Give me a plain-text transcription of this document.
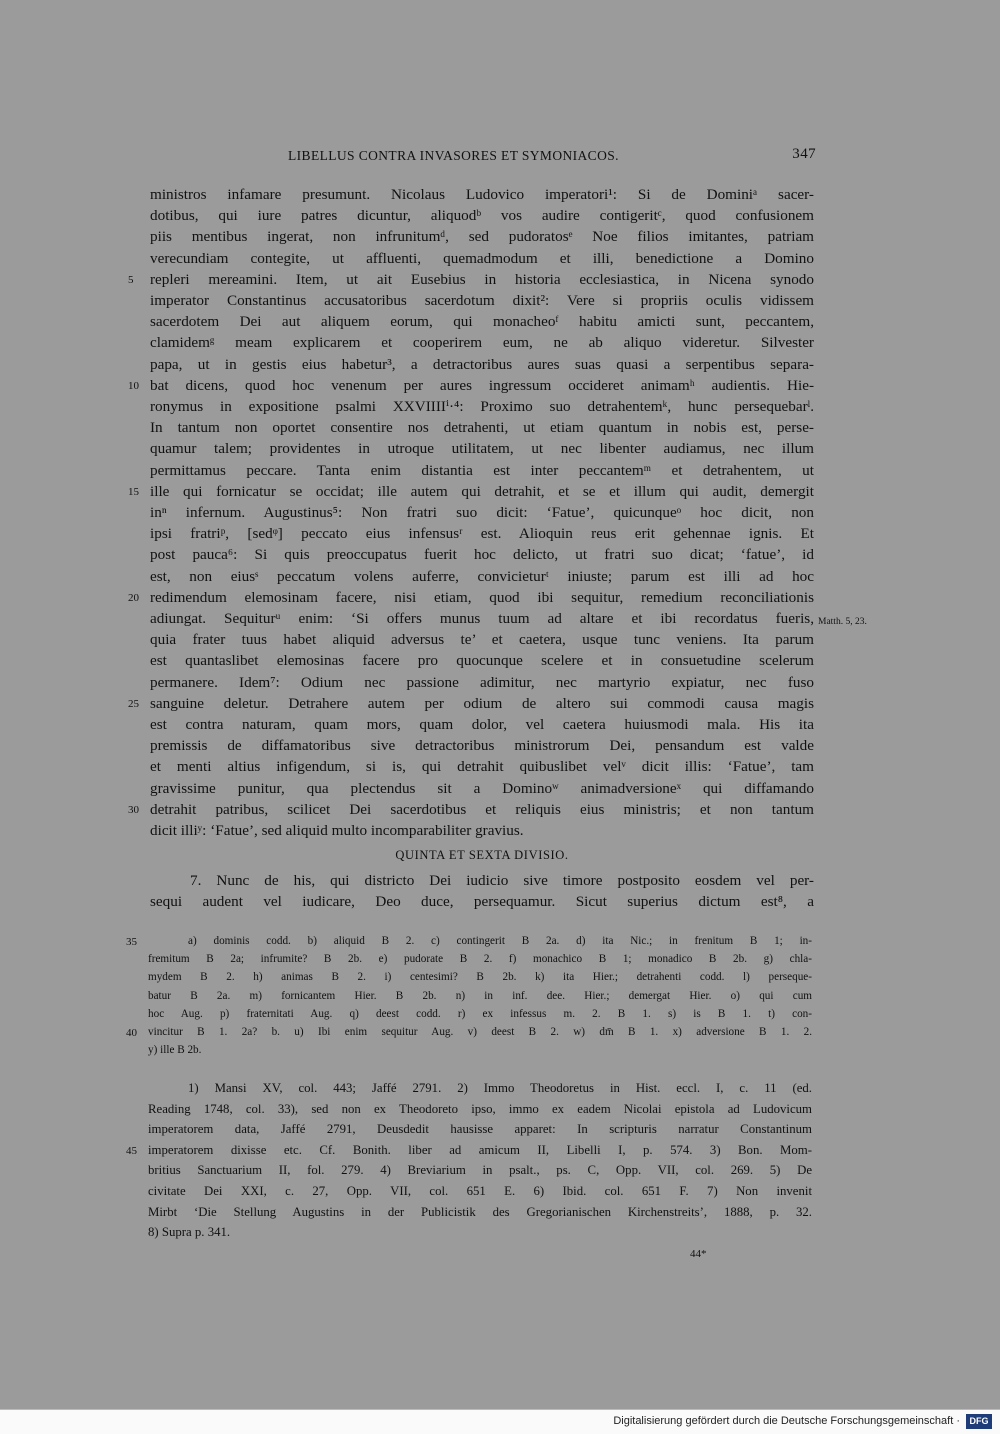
LIBELLUS CONTRA INVASORES ET SYMONIACOS.	347
ministros infamare presumunt. Nicolaus Ludovico imperatori¹: Si de Dominiᵃ sacer-
dotibus, qui iure patres dicuntur, aliquodᵇ vos audire contigeritᶜ, quod confusionem
piis mentibus ingerat, non infrunitumᵈ, sed pudoratosᵉ Noe filios imitantes, patriam
verecundiam contegite, ut affluenti, quemadmodum et illi, benedictione a Domino
5 repleri mereamini. Item, ut ait Eusebius in historia ecclesiastica, in Nicena synodo
imperator Constantinus accusatoribus sacerdotum dixit²: Vere si propriis oculis vidissem
sacerdotem Dei aut aliquem eorum, qui monacheoᶠ habitu amicti sunt, peccantem,
clamidemᵍ meam explicarem et cooperirem eum, ne ab aliquo videretur. Silvester
papa, ut in gestis eius habetur³, a detractoribus aures suas quasi a serpentibus separa-
10 bat dicens, quod hoc venenum per aures ingressum occideret animamʰ audientis. Hie-
ronymus in expositione psalmi XXVIIIIⁱ·⁴: Proximo suo detrahentemᵏ, hunc persequebarˡ.
In tantum non oportet consentire nos detrahenti, ut etiam quantum in nobis est, perse-
quamur talem; providentes in utroque utilitatem, ut nec libenter audiamus, nec illum
permittamus peccare. Tanta enim distantia est inter peccantemᵐ et detrahentem, ut
15 ille qui fornicatur se occidat; ille autem qui detrahit, et se et illum qui audit, demergit
inⁿ infernum. Augustinus⁵: Non fratri suo dicit: ‘Fatue’, quicunqueᵒ hoc dicit, non
ipsi fratriᵖ, [sedᵠ] peccato eius infensusʳ est. Alioquin reus erit gehennae ignis. Et
post pauca⁶: Si quis preoccupatus fuerit hoc delicto, ut fratri suo dicat; ‘fatue’, id
est, non eiusˢ peccatum volens auferre, convicieturᵗ iniuste; parum est illi ad hoc
20 redimendum elemosinam facere, nisi etiam, quod ibi sequitur, remedium reconciliationis
adiungat. Sequiturᵘ enim: ‘Si offers munus tuum ad altare et ibi recordatus fueris, Matth. 5, 23.
quia frater tuus habet aliquid adversus te’ et caetera, usque tunc veniens. Ita parum
est quantaslibet elemosinas facere pro quocunque scelere et in consuetudine scelerum
permanere. Idem⁷: Odium nec passione adimitur, nec martyrio expiatur, nec fuso
25 sanguine deletur. Detrahere autem per odium de altero sui commodi causa magis
est contra naturam, quam mors, quam dolor, vel caetera huiusmodi mala. His ita
premissis de diffamatoribus sive detractoribus ministrorum Dei, pensandum est valde
et menti altius infigendum, si is, qui detrahit quibuslibet velᵛ dicit illis: ‘Fatue’, tam
gravissime punitur, qua plectendus sit a Dominoʷ animadversioneˣ qui diffamando
30 detrahit patribus, scilicet Dei sacerdotibus et reliquis eius ministris; et non tantum
dicit illiʸ: ‘Fatue’, sed aliquid multo incomparabiliter gravius.
QUINTA ET SEXTA DIVISIO.
7. Nunc de his, qui districto Dei iudicio sive timore postposito eosdem vel per-
sequi audent vel iudicare, Deo duce, persequamur. Sicut superius dictum est⁸, a
35	a) dominis codd. b) aliquid B 2. c) contingerit B 2a. d) ita Nic.; in frenitum B 1; in-
fremitum B 2a; infrumite? B 2b. e) pudorate B 2. f) monachico B 1; monadico B 2b. g) chla-
mydem B 2. h) animas B 2. i) centesimi? B 2b. k) ita Hier.; detrahenti codd. l) perseque-
batur B 2a. m) fornicantem Hier. B 2b. n) in inf. dee. Hier.; demergat Hier. o) qui cum
hoc Aug. p) fraternitati Aug. q) deest codd. r) ex infessus m. 2. B 1. s) is B 1. t) con-
40 vincitur B 1. 2a? b. u) Ibi enim sequitur Aug. v) deest B 2. w) dm̄ B 1. x) adversione B 1. 2.
y) ille B 2b.
1) Mansi XV, col. 443; Jaffé 2791. 2) Immo Theodoretus in Hist. eccl. I, c. 11 (ed.
Reading 1748, col. 33), sed non ex Theodoreto ipso, immo ex eadem Nicolai epistola ad Ludovicum
imperatorem data, Jaffé 2791, Deusdedit hausisse apparet: In scripturis narratur Constantinum
45 imperatorem dixisse etc. Cf. Bonith. liber ad amicum II, Libelli I, p. 574. 3) Bon. Mom-
britius Sanctuarium II, fol. 279. 4) Breviarium in psalt., ps. C, Opp. VII, col. 269. 5) De
civitate Dei XXI, c. 27, Opp. VII, col. 651 E. 6) Ibid. col. 651 F. 7) Non invenit
Mirbt ‘Die Stellung Augustins in der Publicistik des Gregorianischen Kirchenstreits’, 1888, p. 32.
8) Supra p. 341.
44*
Digitalisierung gefördert durch die Deutsche Forschungsgemeinschaft ·	DFG
